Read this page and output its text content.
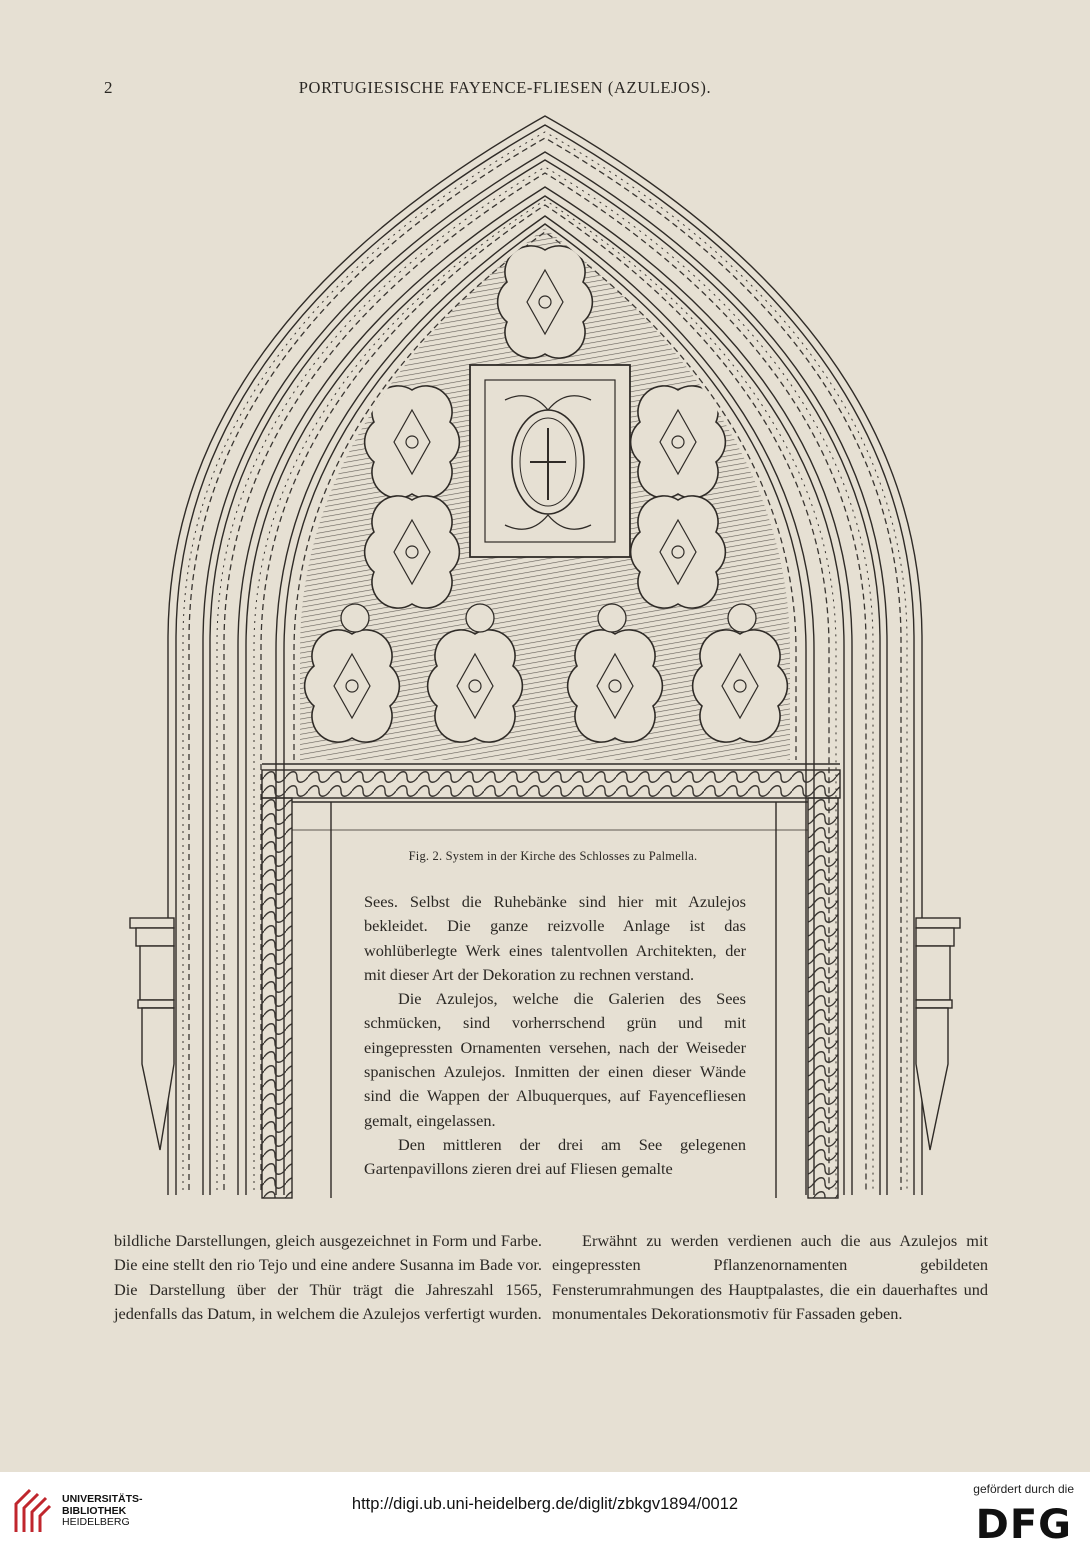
2	PORTUGIESISCHE FAYENCE-FLIESEN (AZULEJOS).
Fig. 2. System in der Kirche des Schlosses zu Palmella.

Sees. Selbst die Ruhebänke sind hier mit Azulejos bekleidet. Die ganze reizvolle Anlage ist das wohlüberlegte Werk eines talentvollen Architekten, der mit dieser Art der Dekoration zu rechnen verstand.

Die Azulejos, welche die Galerien des Sees schmücken, sind vorherrschend grün und mit eingepressten Ornamenten versehen, nach der Weiseder spanischen Azulejos. Inmitten der einen dieser Wände sind die Wappen der Albuquerques, auf Fayencefliesen gemalt, eingelassen.

Den mittleren der drei am See gelegenen Gartenpavillons zieren drei auf Fliesen gemalte

bildliche Darstellungen, gleich ausgezeichnet in Form und Farbe. Die eine stellt den rio Tejo und eine andere Susanna im Bade vor. Die Darstellung über der Thür trägt die Jahreszahl 1565, jedenfalls das Datum, in welchem die Azulejos verfertigt wurden.

Erwähnt zu werden verdienen auch die aus Azulejos mit eingepressten Pflanzenornamenten gebildeten Fensterumrahmungen des Hauptpalastes, die ein dauerhaftes und monumentales Dekorationsmotiv für Fassaden geben.

UNIVERSITÄTS-
BIBLIOTHEK
HEIDELBERG
http://digi.ub.uni-heidelberg.de/diglit/zbkgv1894/0012
gefördert durch die
DFG
